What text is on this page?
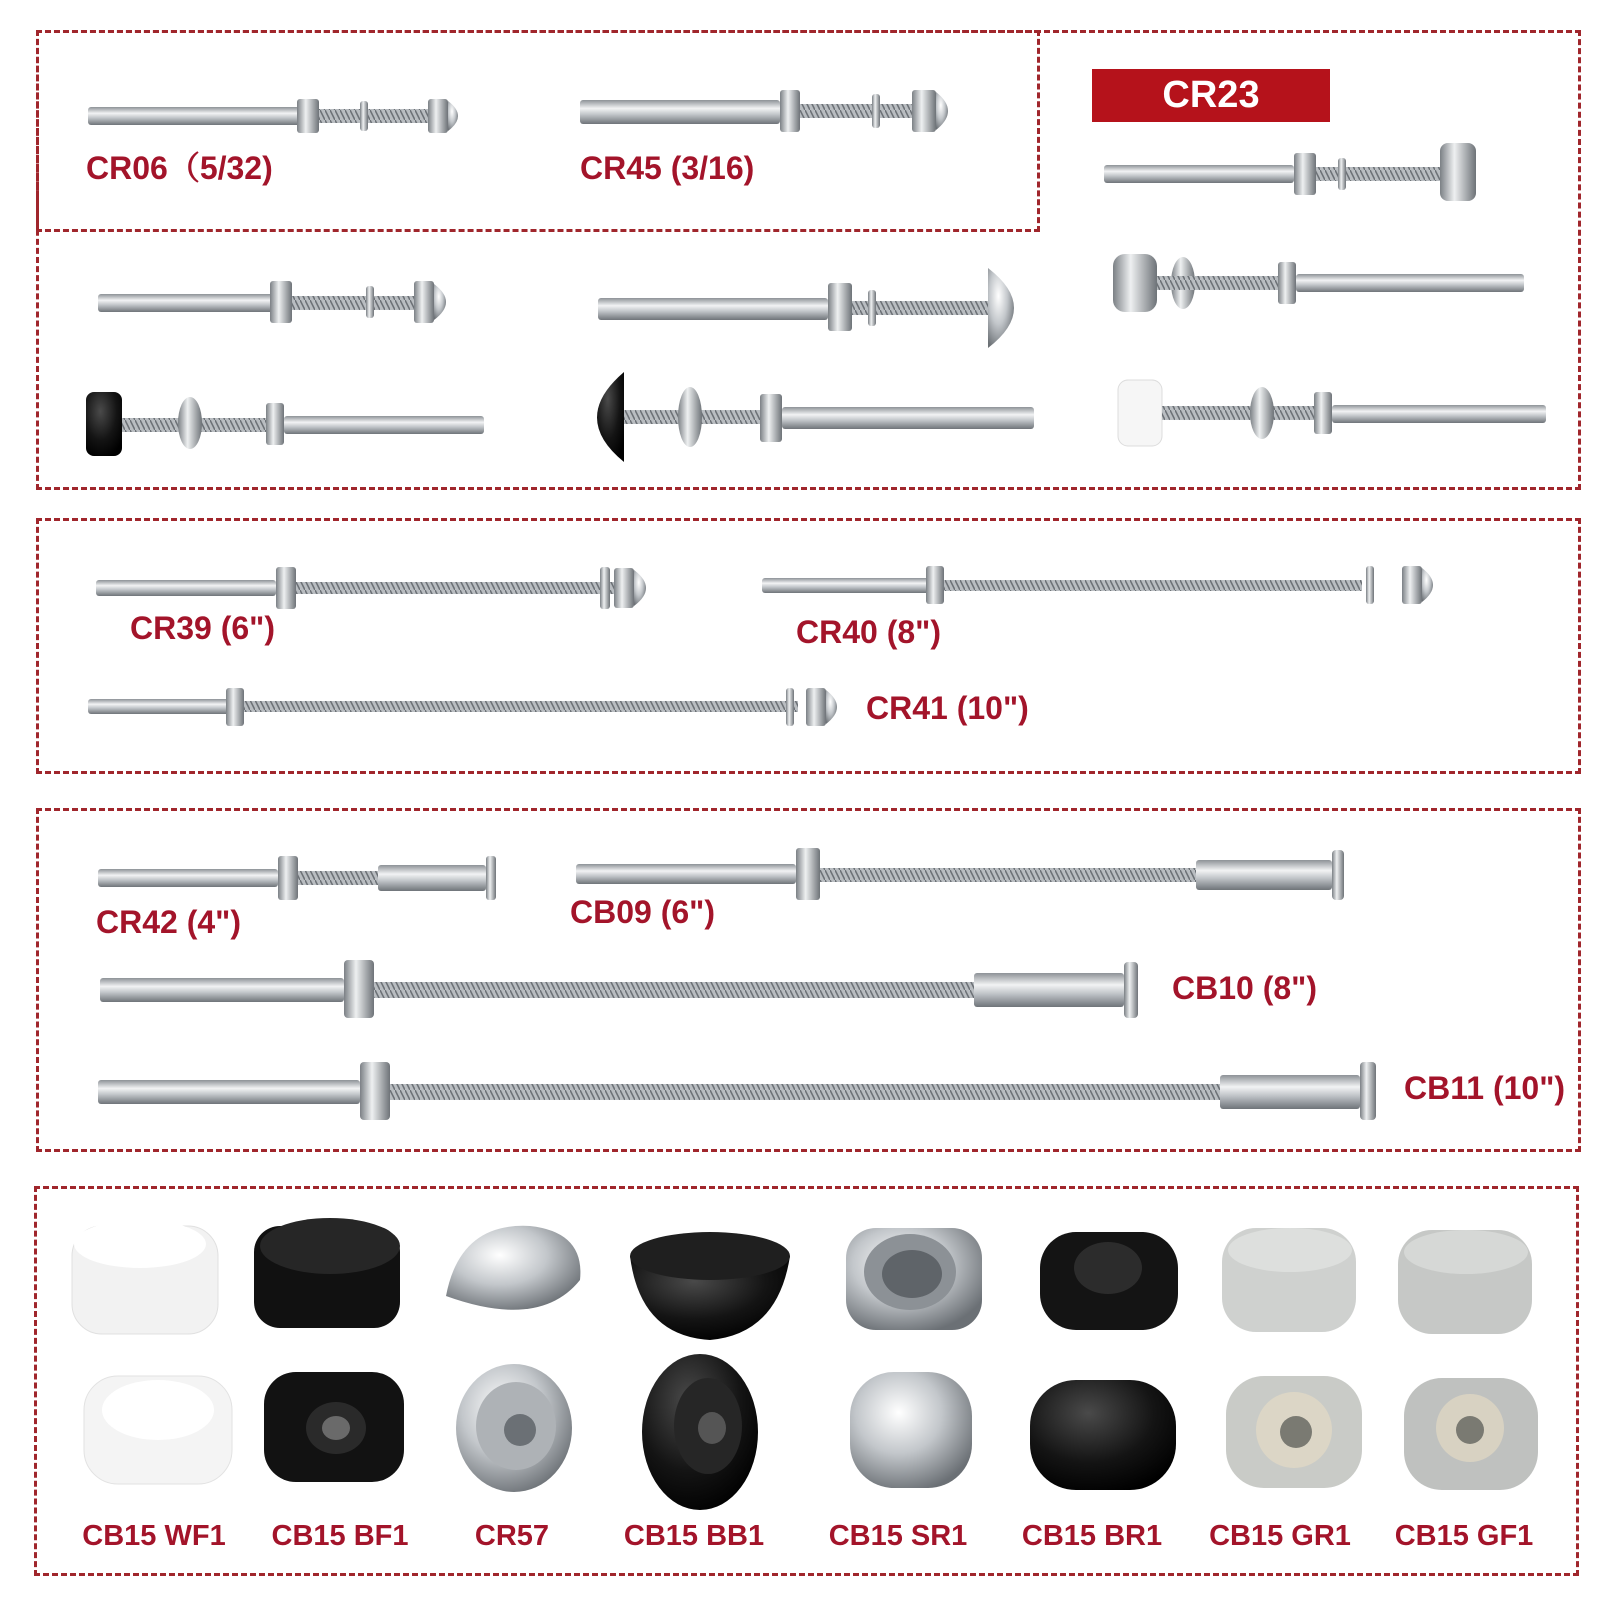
CR23
CR06（5/32)	CR45 (3/16)
CR39 (6")	CR40 (8")
CR41 (10")
CR42 (4")	CB09 (6")
CB10 (8")
CB11 (10")
CB15 WF1	CB15 BF1	CR57	CB15 BB1	CB15 SR1	CB15 BR1	CB15 GR1	CB15 GF1
